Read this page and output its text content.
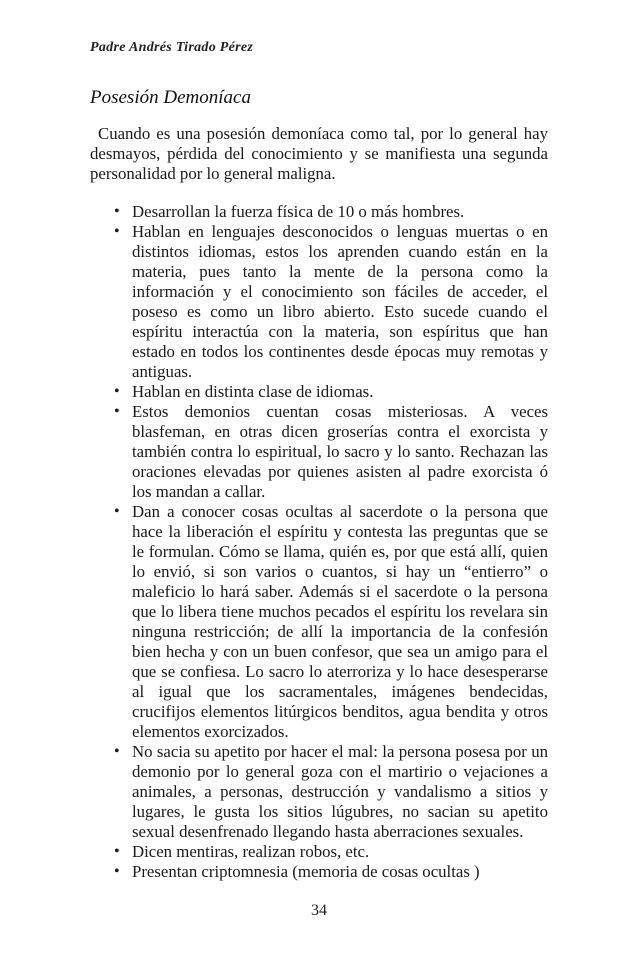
Padre Andrés Tirado Pérez
Posesión Demoníaca

Cuando es una posesión demoníaca como tal, por lo general hay desmayos, pérdida del conocimiento y se manifiesta una segunda personalidad por lo general maligna.

• Desarrollan la fuerza física de 10 o más hombres.
• Hablan en lenguajes desconocidos o lenguas muertas o en distintos idiomas, estos los aprenden cuando están en la materia, pues tanto la mente de la persona como la información y el conocimiento son fáciles de acceder, el poseso es como un libro abierto. Esto sucede cuando el espíritu interactúa con la materia, son espíritus que han estado en todos los continentes desde épocas muy remotas y antiguas.
• Hablan en distinta clase de idiomas.
• Estos demonios cuentan cosas misteriosas. A veces blasfeman, en otras dicen groserías contra el exorcista y también contra lo espiritual, lo sacro y lo santo. Rechazan las oraciones elevadas por quienes asisten al padre exorcista ó los mandan a callar.
• Dan a conocer cosas ocultas al sacerdote o la persona que hace la liberación el espíritu y contesta las preguntas que se le formulan. Cómo se llama, quién es, por que está allí, quien lo envió, si son varios o cuantos, si hay un “entierro” o maleficio lo hará saber. Además si el sacerdote o la persona que lo libera tiene muchos pecados el espíritu los revelara sin ninguna restricción; de allí la importancia de la confesión bien hecha y con un buen confesor, que sea un amigo para el que se confiesa. Lo sacro lo aterroriza y lo hace desesperarse al igual que los sacramentales, imágenes bendecidas, crucifijos elementos litúrgicos benditos, agua bendita y otros elementos exorcizados.
• No sacia su apetito por hacer el mal: la persona posesa por un demonio por lo general goza con el martirio o vejaciones a animales, a personas, destrucción y vandalismo a sitios y lugares, le gusta los sitios lúgubres, no sacian su apetito sexual desenfrenado llegando hasta aberraciones sexuales.
• Dicen mentiras, realizan robos, etc.
• Presentan criptomnesia (memoria de cosas ocultas )
34
